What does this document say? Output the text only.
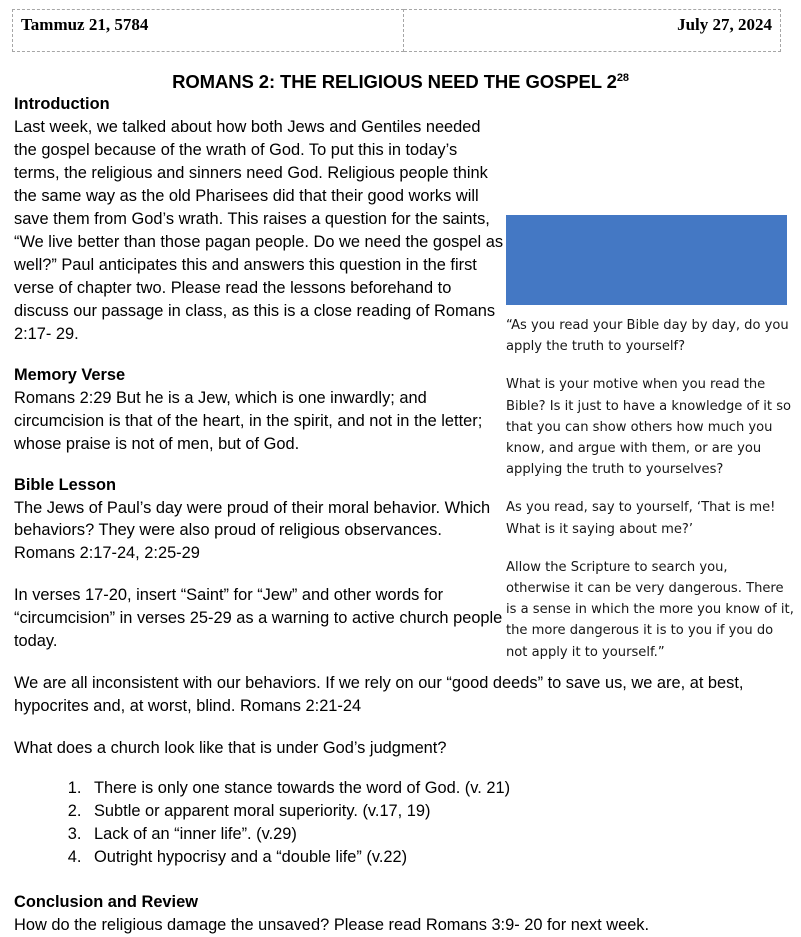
Tammuz 21, 5784	July 27, 2024
ROMANS 2: THE RELIGIOUS NEED THE GOSPEL $2^{28}$

“As you read your Bible day by day, do you apply the truth to yourself?

What is your motive when you read the Bible? Is it just to have a knowledge of it so that you can show others how much you know, and argue with them, or are you applying the truth to yourselves?

As you read, say to yourself, ‘That is me! What is it saying about me?’

Allow the Scripture to search you, otherwise it can be very dangerous. There is a sense in which the more you know of it, the more dangerous it is to you if you do not apply it to yourself.”

Introduction

Last week, we talked about how both Jews and Gentiles needed the gospel because of the wrath of God. To put this in today’s terms, the religious and sinners need God. Religious people think the same way as the old Pharisees did that their good works will save them from God’s wrath. This raises a question for the saints, “We live better than those pagan people. Do we need the gospel as well?” Paul anticipates this and answers this question in the first verse of chapter two. Please read the lessons beforehand to discuss our passage in class, as this is a close reading of Romans 2:17- 29.

Memory Verse

Romans 2:29 But he is a Jew, which is one inwardly; and circumcision is that of the heart, in the spirit, and not in the letter; whose praise is not of men, but of God.

Bible Lesson

The Jews of Paul’s day were proud of their moral behavior. Which behaviors? They were also proud of religious observances. Romans 2:17-24, 2:25-29

In verses 17-20, insert “Saint” for “Jew” and other words for “circumcision” in verses 25-29 as a warning to active church people today.

We are all inconsistent with our behaviors. If we rely on our “good deeds” to save us, we are, at best, hypocrites and, at worst, blind. Romans 2:21-24

What does a church look like that is under God’s judgment?

1. There is only one stance towards the word of God. (v. 21)
2. Subtle or apparent moral superiority. (v.17, 19)
3. Lack of an “inner life”. (v.29)
4. Outright hypocrisy and a “double life” (v.22)
Conclusion and Review

How do the religious damage the unsaved? Please read Romans 3:9- 20 for next week.
